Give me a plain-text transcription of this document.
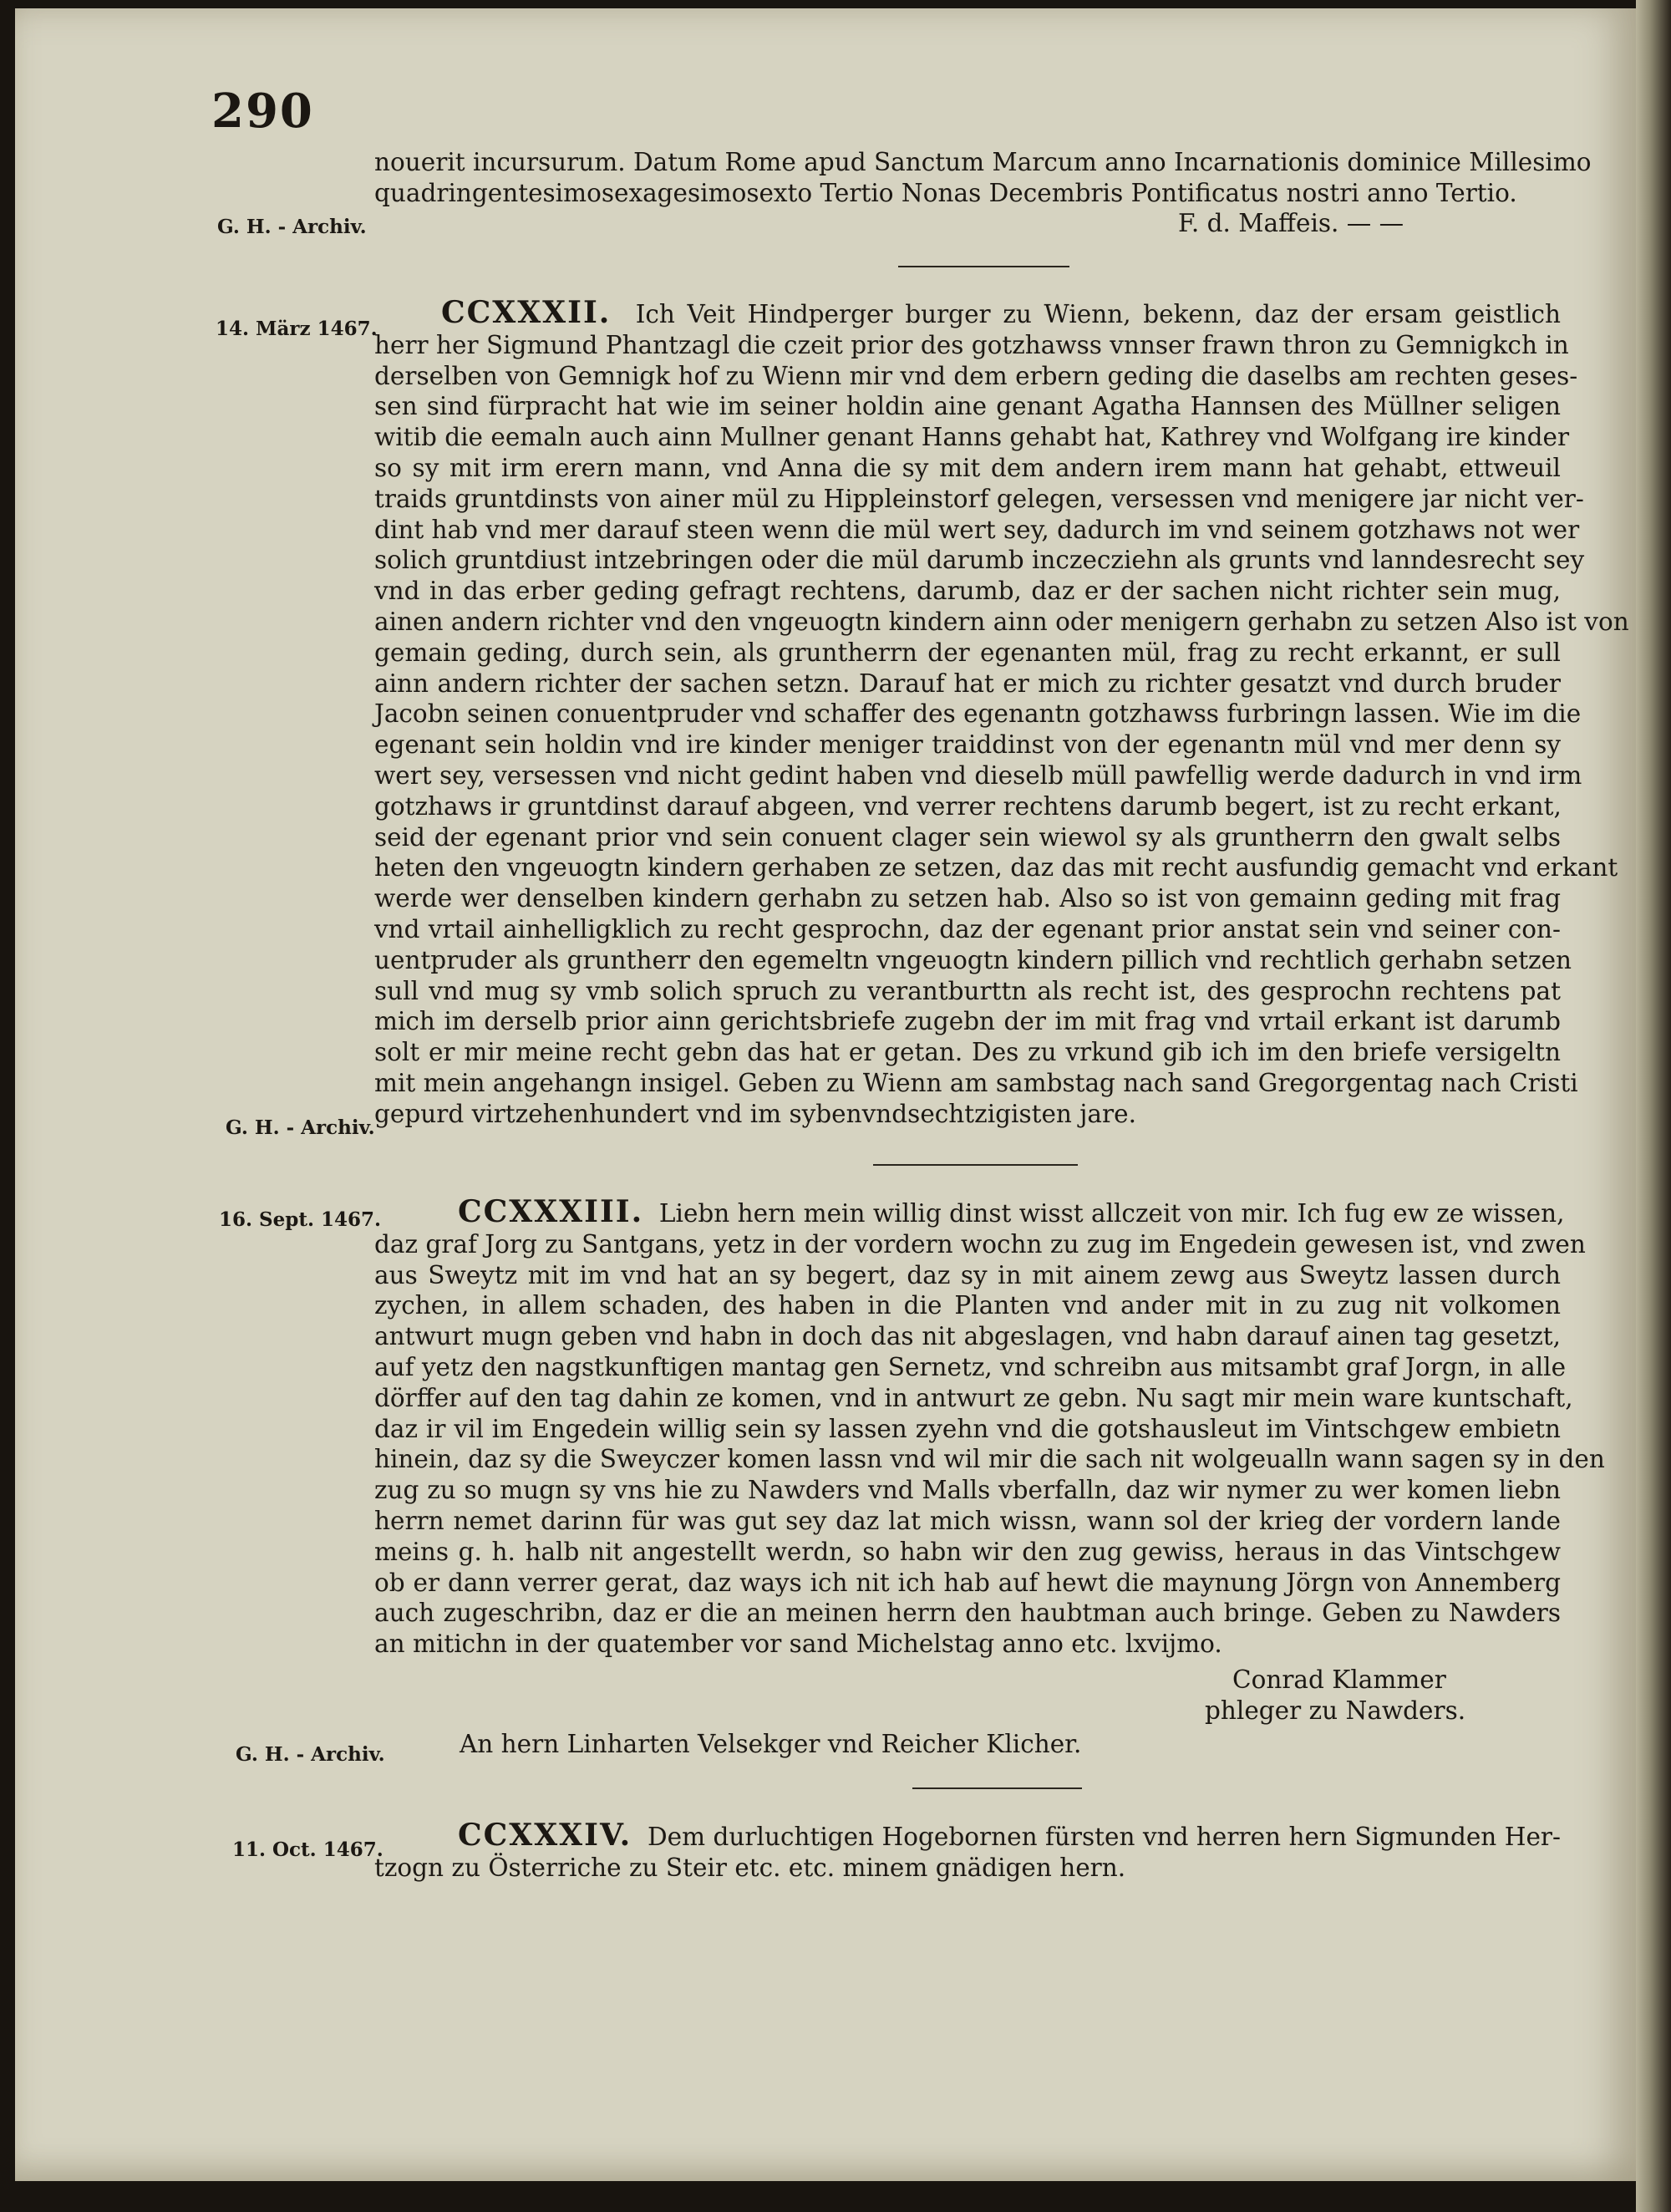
290
nouerit incursurum. Datum Rome apud Sanctum Marcum anno Incarnationis dominice Millesimo
quadringentesimosexagesimosexto Tertio Nonas Decembris Pontificatus nostri anno Tertio.
F. d. Maffeis. — —
G. H. - Archiv.
14. März 1467.	CCXXXII. Ich Veit Hindperger burger zu Wienn, bekenn, daz der ersam geistlich
herr her Sigmund Phantzagl die czeit prior des gotzhawss vnnser frawn thron zu Gemnigkch in
derselben von Gemnigk hof zu Wienn mir vnd dem erbern geding die daselbs am rechten geses-
sen sind fürpracht hat wie im seiner holdin aine genant Agatha Hannsen des Müllner seligen
witib die eemaln auch ainn Mullner genant Hanns gehabt hat, Kathrey vnd Wolfgang ire kinder
so sy mit irm erern mann, vnd Anna die sy mit dem andern irem mann hat gehabt, ettweuil
traids gruntdinsts von ainer mül zu Hippleinstorf gelegen, versessen vnd menigere jar nicht ver-
dint hab vnd mer darauf steen wenn die mül wert sey, dadurch im vnd seinem gotzhaws not wer
solich gruntdiust intzebringen oder die mül darumb inczecziehn als grunts vnd lanndesrecht sey
vnd in das erber geding gefragt rechtens, darumb, daz er der sachen nicht richter sein mug,
ainen andern richter vnd den vngeuogtn kindern ainn oder menigern gerhabn zu setzen Also ist von
gemain geding, durch sein, als gruntherrn der egenanten mül, frag zu recht erkannt, er sull
ainn andern richter der sachen setzn. Darauf hat er mich zu richter gesatzt vnd durch bruder
Jacobn seinen conuentpruder vnd schaffer des egenantn gotzhawss furbringn lassen. Wie im die
egenant sein holdin vnd ire kinder meniger traiddinst von der egenantn mül vnd mer denn sy
wert sey, versessen vnd nicht gedint haben vnd dieselb müll pawfellig werde dadurch in vnd irm
gotzhaws ir gruntdinst darauf abgeen, vnd verrer rechtens darumb begert, ist zu recht erkant,
seid der egenant prior vnd sein conuent clager sein wiewol sy als gruntherrn den gwalt selbs
heten den vngeuogtn kindern gerhaben ze setzen, daz das mit recht ausfundig gemacht vnd erkant
werde wer denselben kindern gerhabn zu setzen hab. Also so ist von gemainn geding mit frag
vnd vrtail ainhelligklich zu recht gesprochn, daz der egenant prior anstat sein vnd seiner con-
uentpruder als gruntherr den egemeltn vngeuogtn kindern pillich vnd rechtlich gerhabn setzen
sull vnd mug sy vmb solich spruch zu verantburttn als recht ist, des gesprochn rechtens pat
mich im derselb prior ainn gerichtsbriefe zugebn der im mit frag vnd vrtail erkant ist darumb
solt er mir meine recht gebn das hat er getan. Des zu vrkund gib ich im den briefe versigeltn
mit mein angehangn insigel. Geben zu Wienn am sambstag nach sand Gregorgentag nach Cristi
gepurd virtzehenhundert vnd im sybenvndsechtzigisten jare.
G. H. - Archiv.
16. Sept. 1467.	CCXXXIII. Liebn hern mein willig dinst wisst allczeit von mir. Ich fug ew ze wissen,
daz graf Jorg zu Santgans, yetz in der vordern wochn zu zug im Engedein gewesen ist, vnd zwen
aus Sweytz mit im vnd hat an sy begert, daz sy in mit ainem zewg aus Sweytz lassen durch
zychen, in allem schaden, des haben in die Planten vnd ander mit in zu zug nit volkomen
antwurt mugn geben vnd habn in doch das nit abgeslagen, vnd habn darauf ainen tag gesetzt,
auf yetz den nagstkunftigen mantag gen Sernetz, vnd schreibn aus mitsambt graf Jorgn, in alle
dörffer auf den tag dahin ze komen, vnd in antwurt ze gebn. Nu sagt mir mein ware kuntschaft,
daz ir vil im Engedein willig sein sy lassen zyehn vnd die gotshausleut im Vintschgew embietn
hinein, daz sy die Sweyczer komen lassn vnd wil mir die sach nit wolgeualln wann sagen sy in den
zug zu so mugn sy vns hie zu Nawders vnd Malls vberfalln, daz wir nymer zu wer komen liebn
herrn nemet darinn für was gut sey daz lat mich wissn, wann sol der krieg der vordern lande
meins g. h. halb nit angestellt werdn, so habn wir den zug gewiss, heraus in das Vintschgew
ob er dann verrer gerat, daz ways ich nit ich hab auf hewt die maynung Jörgn von Annemberg
auch zugeschribn, daz er die an meinen herrn den haubtman auch bringe. Geben zu Nawders
an mitichn in der quatember vor sand Michelstag anno etc. lxvijmo.
Conrad Klammer
phleger zu Nawders.
G. H. - Archiv.	An hern Linharten Velsekger vnd Reicher Klicher.
11. Oct. 1467.	CCXXXIV. Dem durluchtigen Hogebornen fürsten vnd herren hern Sigmunden Her-
tzogn zu Österriche zu Steir etc. etc. minem gnädigen hern.
